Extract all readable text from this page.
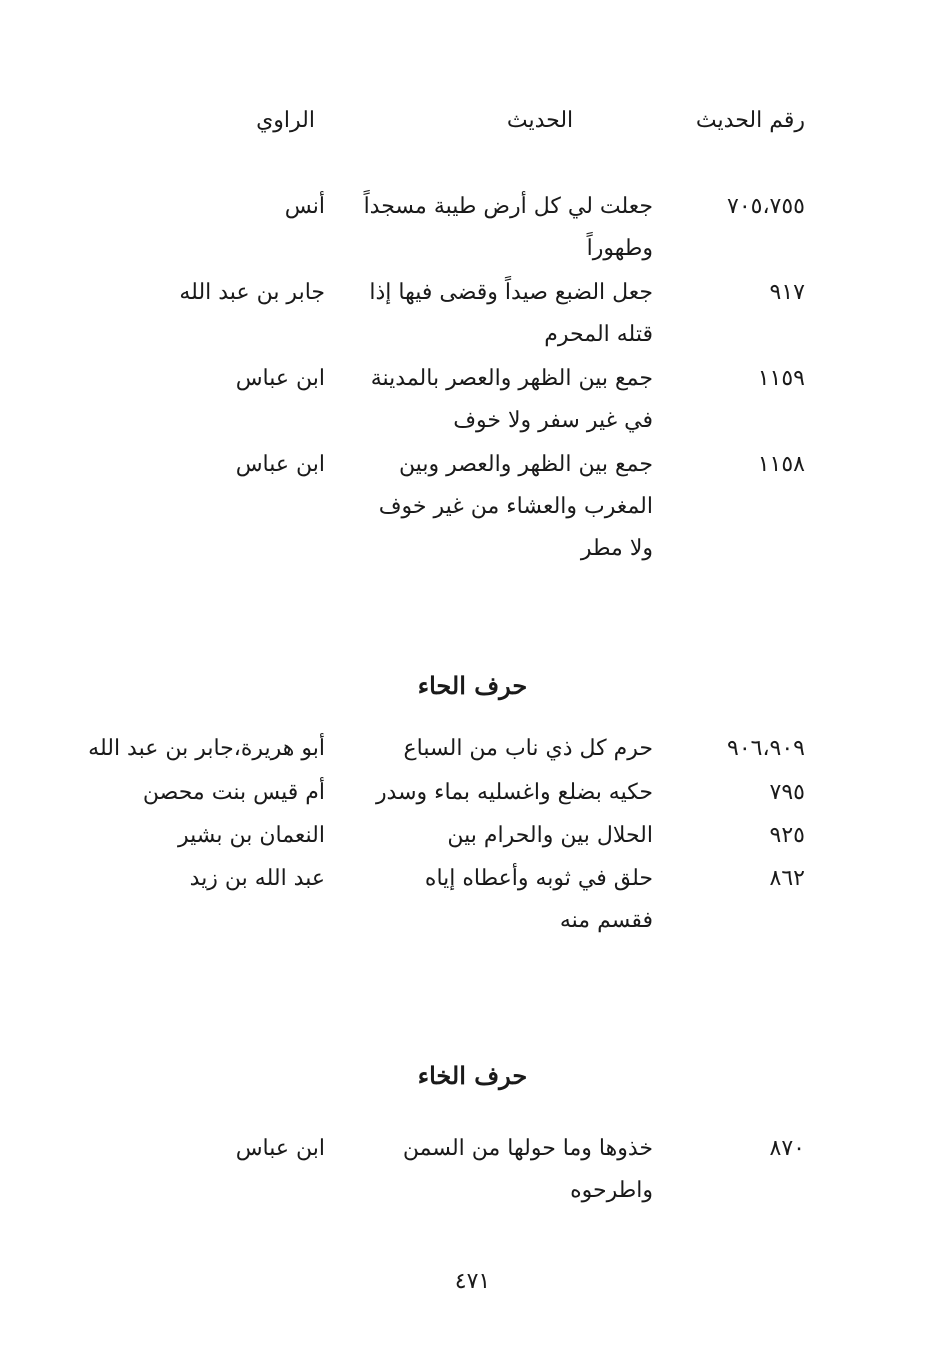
رقم الحديث
الحديث
الراوي
٧٠٥،٧٥٥
جعلت لي كل أرض طيبة مسجداً وطهوراً
أنس
٩١٧
جعل الضبع صيداً وقضى فيها إذا قتله المحرم
جابر بن عبد الله
١١٥٩
جمع بين الظهر والعصر بالمدينة في غير سفر ولا خوف
ابن عباس
١١٥٨
جمع بين الظهر والعصر وبين المغرب والعشاء من غير خوف ولا مطر
ابن عباس
حرف الحاء
٩٠٦،٩٠٩
حرم كل ذي ناب من السباع
أبو هريرة،جابر بن عبد الله
٧٩٥
حكيه بضلع واغسليه بماء وسدر
أم قيس بنت محصن
٩٢٥
الحلال بين والحرام بين
النعمان بن بشير
٨٦٢
حلق في ثوبه وأعطاه إياه فقسم منه
عبد الله بن زيد
حرف الخاء
٨٧٠
خذوها وما حولها من السمن واطرحوه
ابن عباس
٤٧١
